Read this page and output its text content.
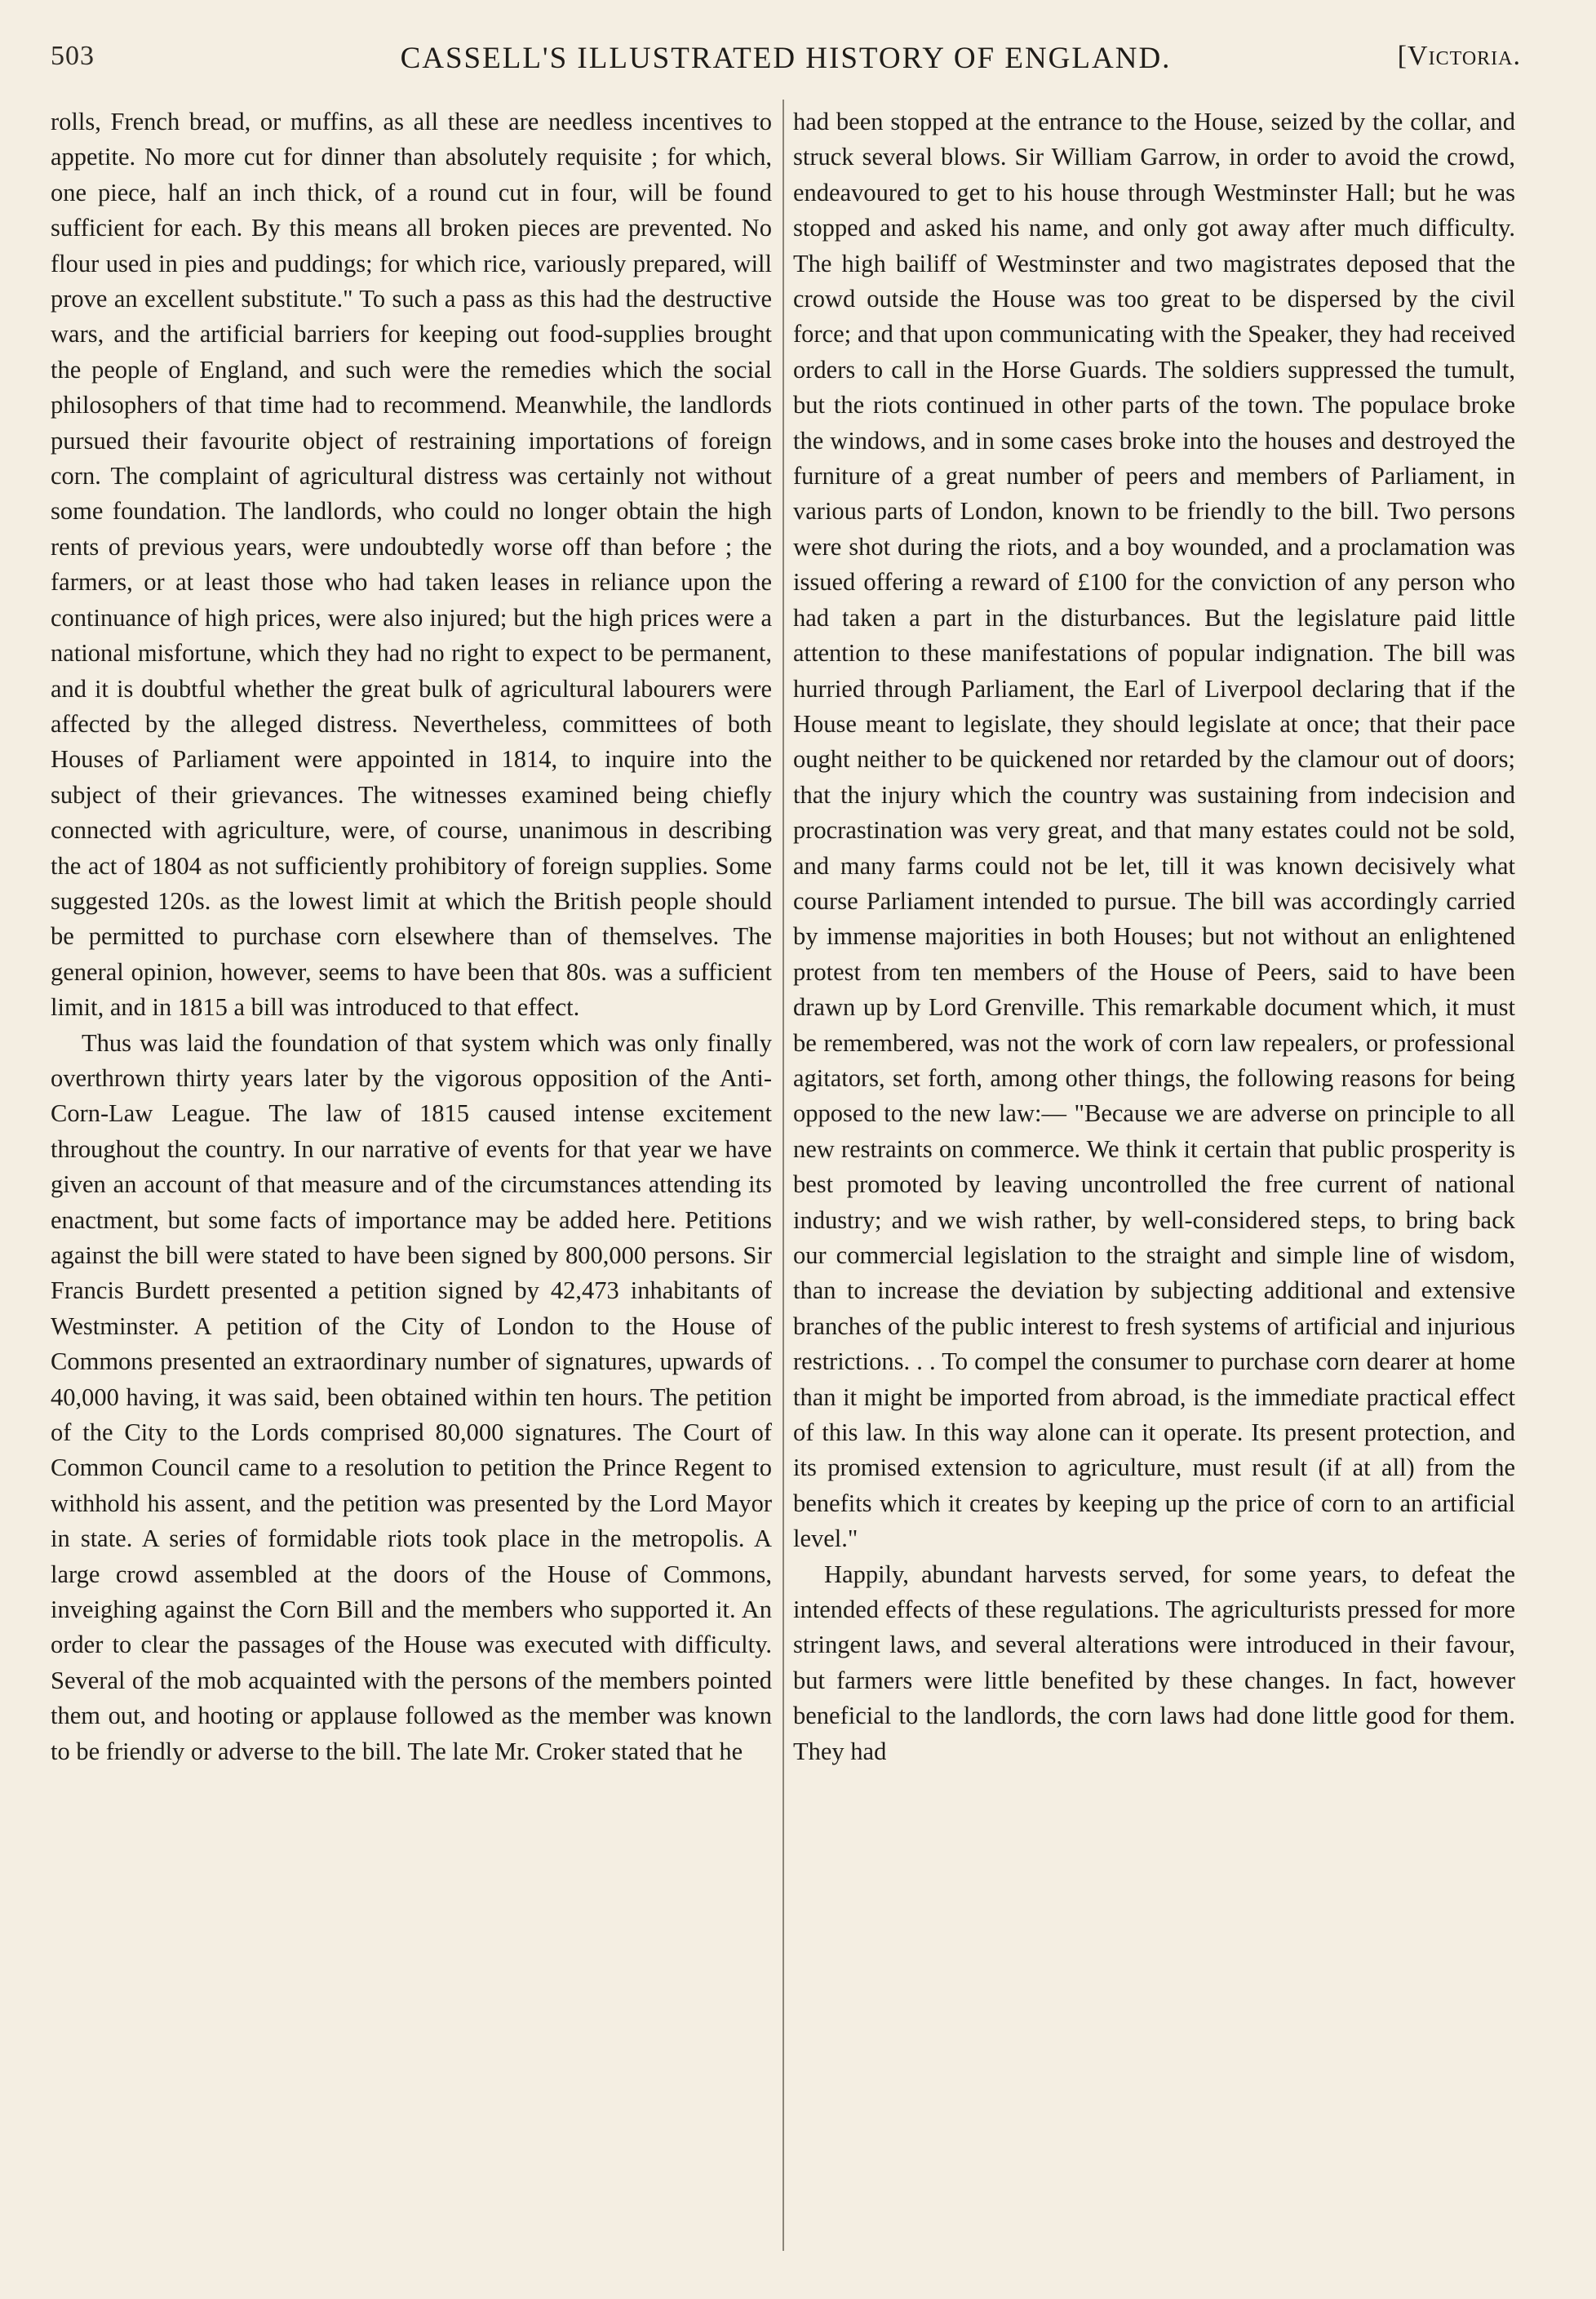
503	CASSELL'S ILLUSTRATED HISTORY OF ENGLAND.	[Victoria.

rolls, French bread, or muffins, as all these are needless incentives to appetite. No more cut for dinner than absolutely requisite ; for which, one piece, half an inch thick, of a round cut in four, will be found sufficient for each. By this means all broken pieces are prevented. No flour used in pies and puddings; for which rice, variously prepared, will prove an excellent substitute." To such a pass as this had the destructive wars, and the artificial barriers for keeping out food-supplies brought the people of England, and such were the remedies which the social philosophers of that time had to recommend. Meanwhile, the landlords pursued their favourite object of restraining importations of foreign corn. The complaint of agricultural distress was certainly not without some foundation. The landlords, who could no longer obtain the high rents of previous years, were undoubtedly worse off than before ; the farmers, or at least those who had taken leases in reliance upon the continuance of high prices, were also injured; but the high prices were a national misfortune, which they had no right to expect to be permanent, and it is doubtful whether the great bulk of agricultural labourers were affected by the alleged distress. Nevertheless, committees of both Houses of Parliament were appointed in 1814, to inquire into the subject of their grievances. The witnesses examined being chiefly connected with agriculture, were, of course, unanimous in describing the act of 1804 as not sufficiently prohibitory of foreign supplies. Some suggested 120s. as the lowest limit at which the British people should be permitted to purchase corn elsewhere than of themselves. The general opinion, however, seems to have been that 80s. was a sufficient limit, and in 1815 a bill was introduced to that effect.

Thus was laid the foundation of that system which was only finally overthrown thirty years later by the vigorous opposition of the Anti-Corn-Law League. The law of 1815 caused intense excitement throughout the country. In our narrative of events for that year we have given an account of that measure and of the circumstances attending its enactment, but some facts of importance may be added here. Petitions against the bill were stated to have been signed by 800,000 persons. Sir Francis Burdett presented a petition signed by 42,473 inhabitants of Westminster. A petition of the City of London to the House of Commons presented an extraordinary number of signatures, upwards of 40,000 having, it was said, been obtained within ten hours. The petition of the City to the Lords comprised 80,000 signatures. The Court of Common Council came to a resolution to petition the Prince Regent to withhold his assent, and the petition was presented by the Lord Mayor in state. A series of formidable riots took place in the metropolis. A large crowd assembled at the doors of the House of Commons, inveighing against the Corn Bill and the members who supported it. An order to clear the passages of the House was executed with difficulty. Several of the mob acquainted with the persons of the members pointed them out, and hooting or applause followed as the member was known to be friendly or adverse to the bill. The late Mr. Croker stated that he

had been stopped at the entrance to the House, seized by the collar, and struck several blows. Sir William Garrow, in order to avoid the crowd, endeavoured to get to his house through Westminster Hall; but he was stopped and asked his name, and only got away after much difficulty. The high bailiff of Westminster and two magistrates deposed that the crowd outside the House was too great to be dispersed by the civil force; and that upon communicating with the Speaker, they had received orders to call in the Horse Guards. The soldiers suppressed the tumult, but the riots continued in other parts of the town. The populace broke the windows, and in some cases broke into the houses and destroyed the furniture of a great number of peers and members of Parliament, in various parts of London, known to be friendly to the bill. Two persons were shot during the riots, and a boy wounded, and a proclamation was issued offering a reward of £100 for the conviction of any person who had taken a part in the disturbances. But the legislature paid little attention to these manifestations of popular indignation. The bill was hurried through Parliament, the Earl of Liverpool declaring that if the House meant to legislate, they should legislate at once; that their pace ought neither to be quickened nor retarded by the clamour out of doors; that the injury which the country was sustaining from indecision and procrastination was very great, and that many estates could not be sold, and many farms could not be let, till it was known decisively what course Parliament intended to pursue. The bill was accordingly carried by immense majorities in both Houses; but not without an enlightened protest from ten members of the House of Peers, said to have been drawn up by Lord Grenville. This remarkable document which, it must be remembered, was not the work of corn law repealers, or professional agitators, set forth, among other things, the following reasons for being opposed to the new law:— "Because we are adverse on principle to all new restraints on commerce. We think it certain that public prosperity is best promoted by leaving uncontrolled the free current of national industry; and we wish rather, by well-considered steps, to bring back our commercial legislation to the straight and simple line of wisdom, than to increase the deviation by subjecting additional and extensive branches of the public interest to fresh systems of artificial and injurious restrictions. . . To compel the consumer to purchase corn dearer at home than it might be imported from abroad, is the immediate practical effect of this law. In this way alone can it operate. Its present protection, and its promised extension to agriculture, must result (if at all) from the benefits which it creates by keeping up the price of corn to an artificial level."

Happily, abundant harvests served, for some years, to defeat the intended effects of these regulations. The agriculturists pressed for more stringent laws, and several alterations were introduced in their favour, but farmers were little benefited by these changes. In fact, however beneficial to the landlords, the corn laws had done little good for them. They had
